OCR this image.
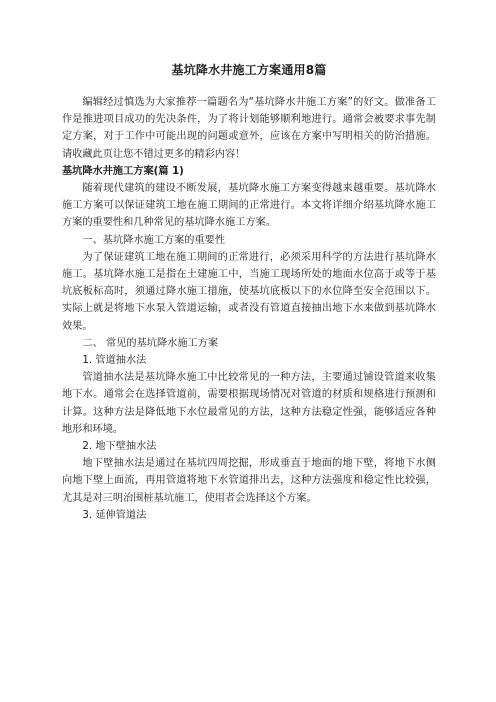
基坑降水井施工方案通用8篇

编辑经过慎选为大家推荐一篇题名为“基坑降水井施工方案”的好文。做准备工作是推进项目成功的先决条件，为了将计划能够顺利地进行。通常会被要求事先制定方案，对于工作中可能出现的问题或意外，应该在方案中写明相关的防治措施。请收藏此页让您不错过更多的精彩内容！

基坑降水井施工方案(篇 1)

随着现代建筑的建设不断发展，基坑降水施工方案变得越来越重要。基坑降水施工方案可以保证建筑工地在施工期间的正常进行。本文将详细介绍基坑降水施工方案的重要性和几种常见的基坑降水施工方案。

一、基坑降水施工方案的重要性

为了保证建筑工地在施工期间的正常进行，必须采用科学的方法进行基坑降水施工。基坑降水施工是指在土建施工中，当施工现场所处的地面水位高于或等于基坑底板标高时，须通过降水施工措施，使基坑底板以下的水位降至安全范围以下。实际上就是将地下水泵入管道运输，或者没有管道直接抽出地下水来做到基坑降水效果。

二、 常见的基坑降水施工方案

1. 管道抽水法

管道抽水法是基坑降水施工中比较常见的一种方法，主要通过铺设管道来收集地下水。通常会在选择管道前，需要根据现场情况对管道的材质和规格进行预测和计算。这种方法是降低地下水位最常见的方法，这种方法稳定性强，能够适应各种地形和环境。

2. 地下壁抽水法

地下壁抽水法是通过在基坑四周挖掘，形成垂直于地面的地下壁，将地下水侧向地下壁上面流，再用管道将地下水管道排出去，这种方法强度和稳定性比较强，尤其是对三明治围桩基坑施工，使用者会选择这个方案。

3. 延伸管道法
